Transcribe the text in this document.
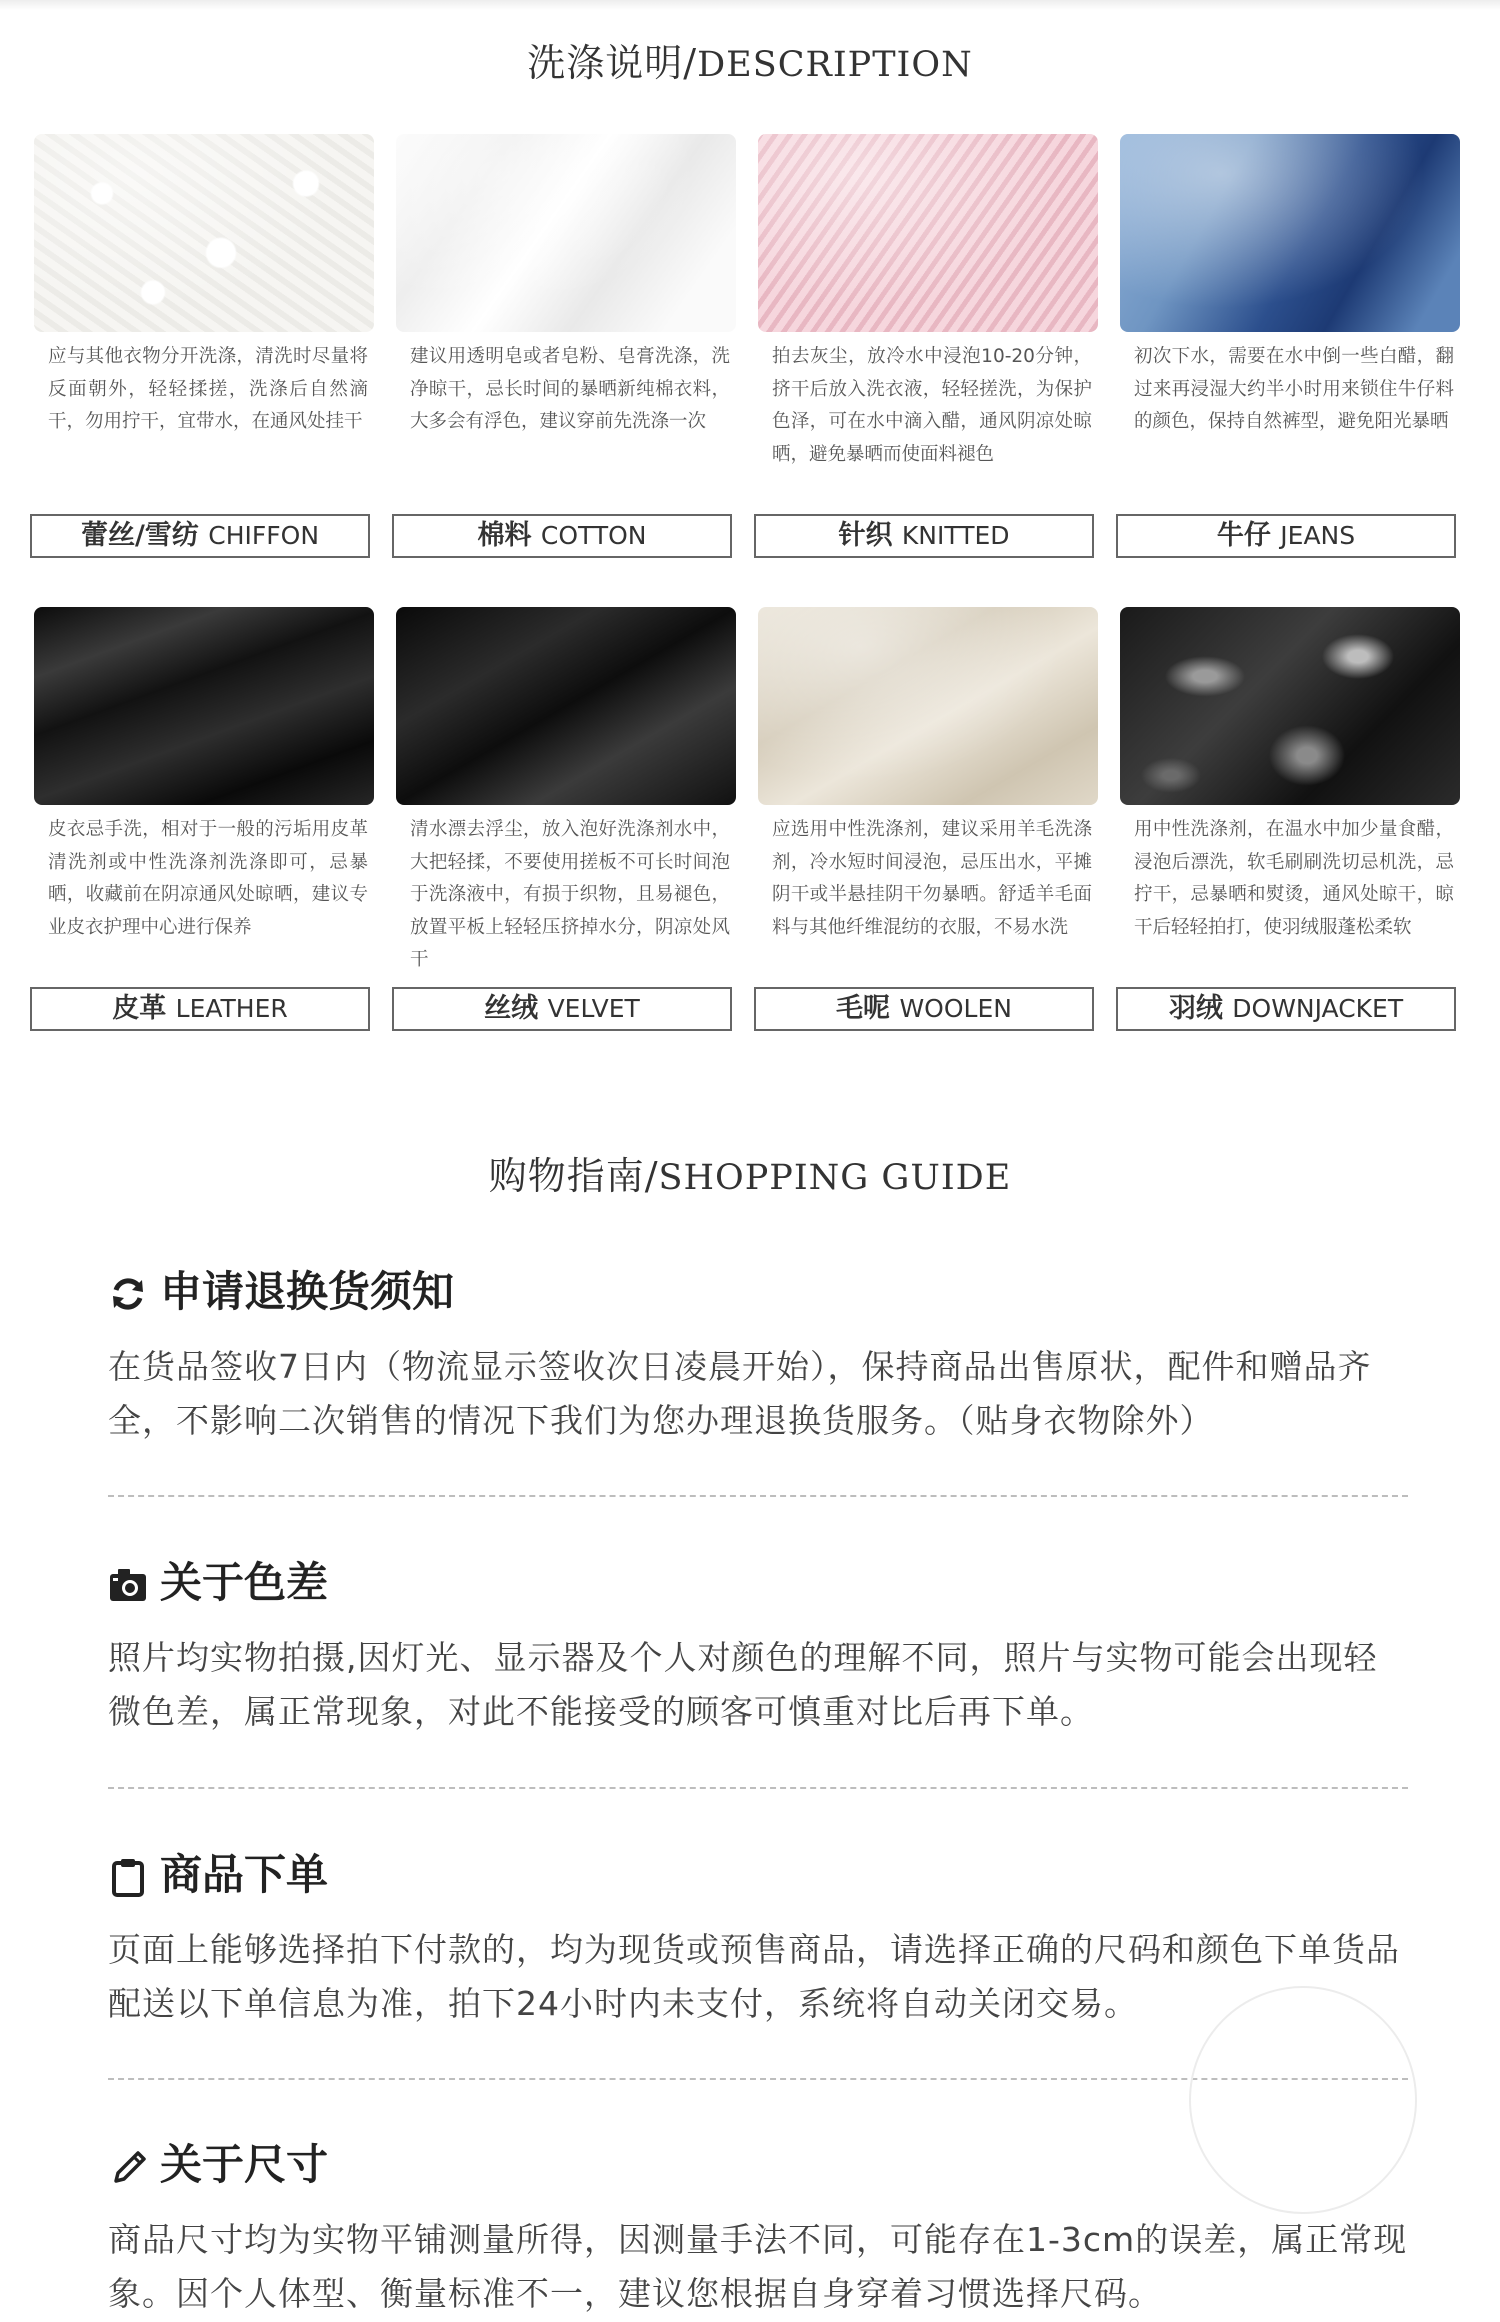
洗涤说明/DESCRIPTION
应与其他衣物分开洗涤，清洗时尽量将反面朝外，轻轻揉搓，洗涤后自然滴干，勿用拧干，宜带水，在通风处挂干
蕾丝/雪纺 CHIFFON
建议用透明皂或者皂粉、皂膏洗涤，洗净晾干，忌长时间的暴晒新纯棉衣料，大多会有浮色，建议穿前先洗涤一次
棉料 COTTON
拍去灰尘，放冷水中浸泡10-20分钟，挤干后放入洗衣液，轻轻搓洗，为保护色泽，可在水中滴入醋，通风阴凉处晾晒，避免暴晒而使面料褪色
针织 KNITTED
初次下水，需要在水中倒一些白醋，翻过来再浸湿大约半小时用来锁住牛仔料的颜色，保持自然裤型，避免阳光暴晒
牛仔 JEANS
皮衣忌手洗，相对于一般的污垢用皮革清洗剂或中性洗涤剂洗涤即可，忌暴晒，收藏前在阴凉通风处晾晒，建议专业皮衣护理中心进行保养
皮革 LEATHER
清水漂去浮尘，放入泡好洗涤剂水中，大把轻揉，不要使用搓板不可长时间泡于洗涤液中，有损于织物，且易褪色，放置平板上轻轻压挤掉水分，阴凉处风干
丝绒 VELVET
应选用中性洗涤剂，建议采用羊毛洗涤剂，冷水短时间浸泡，忌压出水，平摊阴干或半悬挂阴干勿暴晒。舒适羊毛面料与其他纤维混纺的衣服，不易水洗
毛呢 WOOLEN
用中性洗涤剂，在温水中加少量食醋，浸泡后漂洗，软毛刷刷洗切忌机洗，忌拧干，忌暴晒和熨烫，通风处晾干，晾干后轻轻拍打，使羽绒服蓬松柔软
羽绒 DOWNJACKET
购物指南/SHOPPING GUIDE
申请退换货须知
在货品签收7日内（物流显示签收次日凌晨开始），保持商品出售原状，配件和赠品齐全，不影响二次销售的情况下我们为您办理退换货服务。（贴身衣物除外）
关于色差
照片均实物拍摄,因灯光、显示器及个人对颜色的理解不同，照片与实物可能会出现轻微色差，属正常现象，对此不能接受的顾客可慎重对比后再下单。
商品下单
页面上能够选择拍下付款的，均为现货或预售商品，请选择正确的尺码和颜色下单货品配送以下单信息为准，拍下24小时内未支付，系统将自动关闭交易。
关于尺寸
商品尺寸均为实物平铺测量所得，因测量手法不同，可能存在1-3cm的误差，属正常现象。因个人体型、衡量标准不一，建议您根据自身穿着习惯选择尺码。
